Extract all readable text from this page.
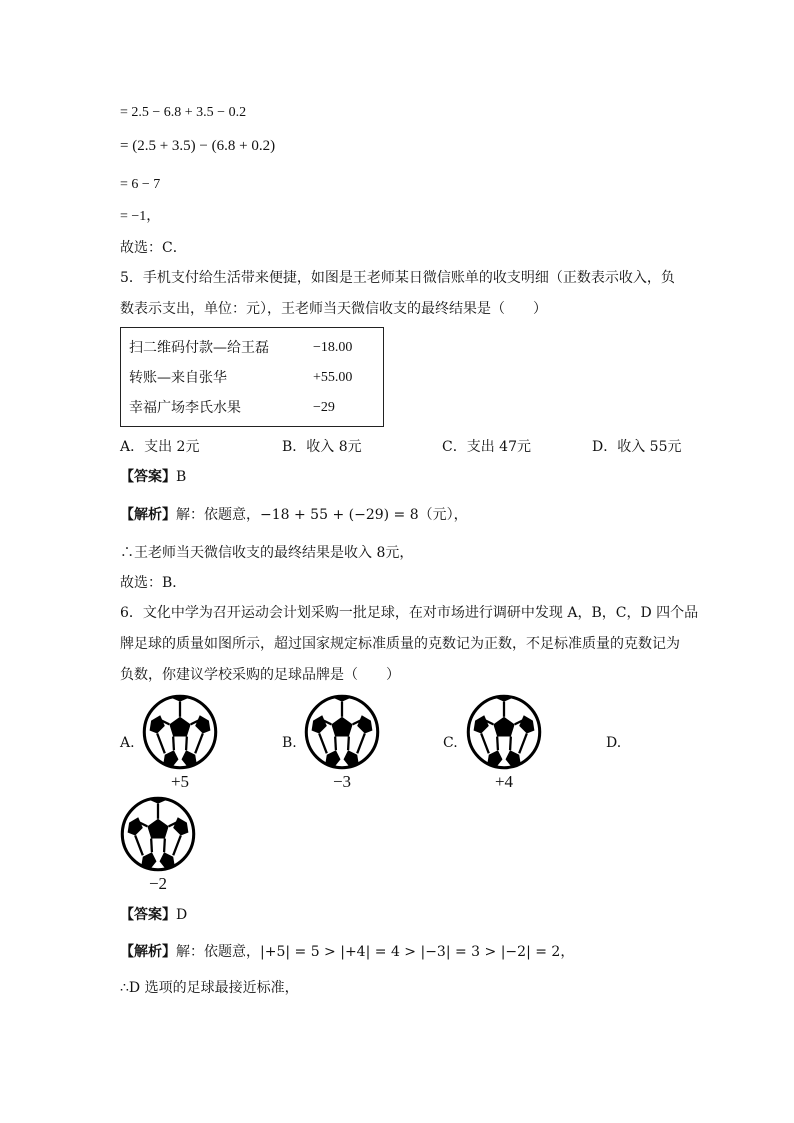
= 2.5 − 6.8 + 3.5 − 0.2
= (2.5 + 3.5) − (6.8 + 0.2)
= 6 − 7
= −1，
故选：C．
5．手机支付给生活带来便捷，如图是王老师某日微信账单的收支明细（正数表示收入，负
数表示支出，单位：元），王老师当天微信收支的最终结果是（　　）
扫二维码付款—给王磊	−18.00
转账—来自张华	+55.00
幸福广场李氏水果	−29
A．支出 2元	B．收入 8元	C．支出 47元	D．收入 55元
【答案】B
【解析】解：依题意，−18 + 55 + (−29) = 8（元），
∴王老师当天微信收支的最终结果是收入 8元，
故选：B．
6．文化中学为召开运动会计划采购一批足球，在对市场进行调研中发现 A，B，C，D 四个品
牌足球的质量如图所示，超过国家规定标准质量的克数记为正数，不足标准质量的克数记为
负数，你建议学校采购的足球品牌是（　　）
A.
+5
B.
−3
C.
+4
D.
−2
【答案】D
【解析】解：依题意，|+5| = 5 > |+4| = 4 > |−3| = 3 > |−2| = 2，
∴D 选项的足球最接近标准，
